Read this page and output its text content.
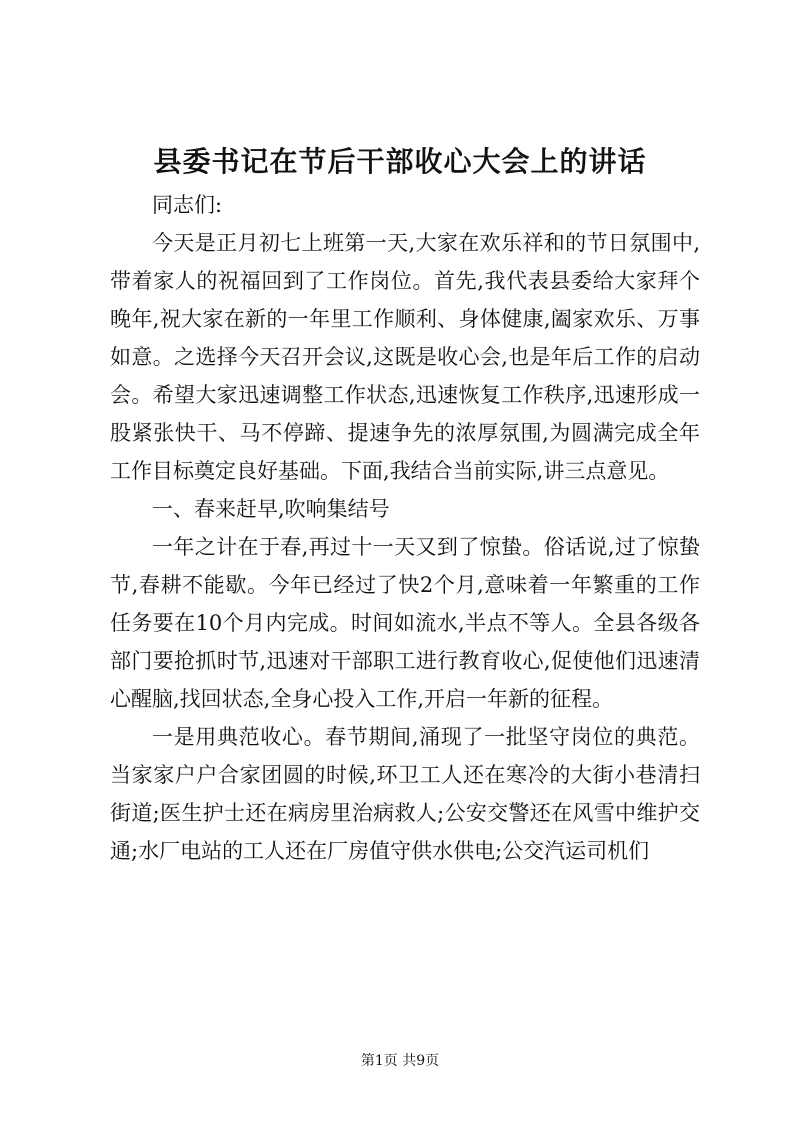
县委书记在节后干部收心大会上的讲话

同志们:

今天是正月初七上班第一天,大家在欢乐祥和的节日氛围中,带着家人的祝福回到了工作岗位。首先,我代表县委给大家拜个晚年,祝大家在新的一年里工作顺利、身体健康,阖家欢乐、万事如意。之选择今天召开会议,这既是收心会,也是年后工作的启动会。希望大家迅速调整工作状态,迅速恢复工作秩序,迅速形成一股紧张快干、马不停蹄、提速争先的浓厚氛围,为圆满完成全年工作目标奠定良好基础。下面,我结合当前实际,讲三点意见。

一、春来赶早,吹响集结号

一年之计在于春,再过十一天又到了惊蛰。俗话说,过了惊蛰节,春耕不能歇。今年已经过了快2个月,意味着一年繁重的工作任务要在10个月内完成。时间如流水,半点不等人。全县各级各部门要抢抓时节,迅速对干部职工进行教育收心,促使他们迅速清心醒脑,找回状态,全身心投入工作,开启一年新的征程。

一是用典范收心。春节期间,涌现了一批坚守岗位的典范。当家家户户合家团圆的时候,环卫工人还在寒冷的大街小巷清扫街道;医生护士还在病房里治病救人;公安交警还在风雪中维护交通;水厂电站的工人还在厂房值守供水供电;公交汽运司机们

第1页 共9页
